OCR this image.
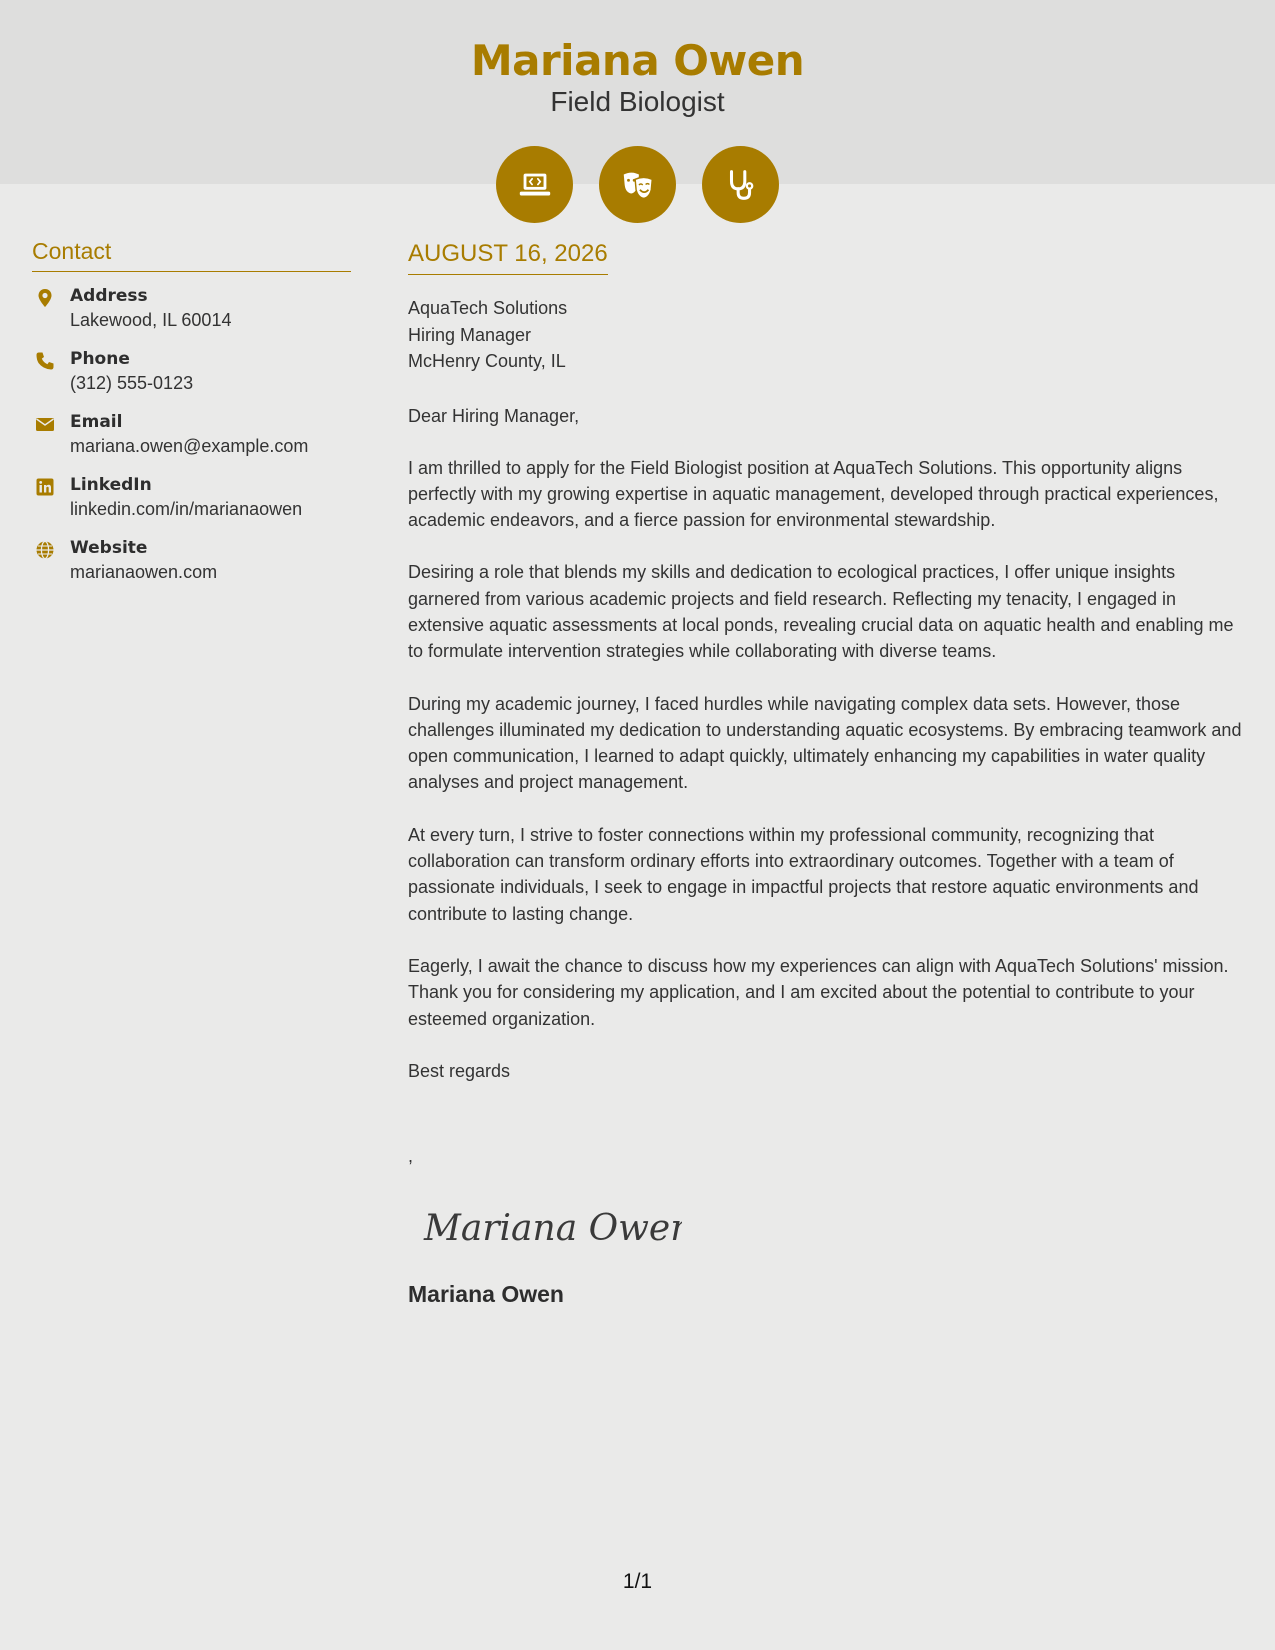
Mariana Owen
Field Biologist
Contact
Address
Lakewood, IL 60014
Phone
(312) 555-0123
Email
mariana.owen@example.com
LinkedIn
linkedin.com/in/marianaowen
Website
marianaowen.com
AUGUST 16, 2026
AquaTech Solutions
Hiring Manager
McHenry County, IL
Dear Hiring Manager,

I am thrilled to apply for the Field Biologist position at AquaTech Solutions. This opportunity aligns perfectly with my growing expertise in aquatic management, developed through practical experiences, academic endeavors, and a fierce passion for environmental stewardship.

Desiring a role that blends my skills and dedication to ecological practices, I offer unique insights garnered from various academic projects and field research. Reflecting my tenacity, I engaged in extensive aquatic assessments at local ponds, revealing crucial data on aquatic health and enabling me to formulate intervention strategies while collaborating with diverse teams.

During my academic journey, I faced hurdles while navigating complex data sets. However, those challenges illuminated my dedication to understanding aquatic ecosystems. By embracing teamwork and open communication, I learned to adapt quickly, ultimately enhancing my capabilities in water quality analyses and project management.

At every turn, I strive to foster connections within my professional community, recognizing that collaboration can transform ordinary efforts into extraordinary outcomes. Together with a team of passionate individuals, I seek to engage in impactful projects that restore aquatic environments and contribute to lasting change.

Eagerly, I await the chance to discuss how my experiences can align with AquaTech Solutions' mission. Thank you for considering my application, and I am excited about the potential to contribute to your esteemed organization.

Best regards
,
Mariana Owen
Mariana Owen
1/1
